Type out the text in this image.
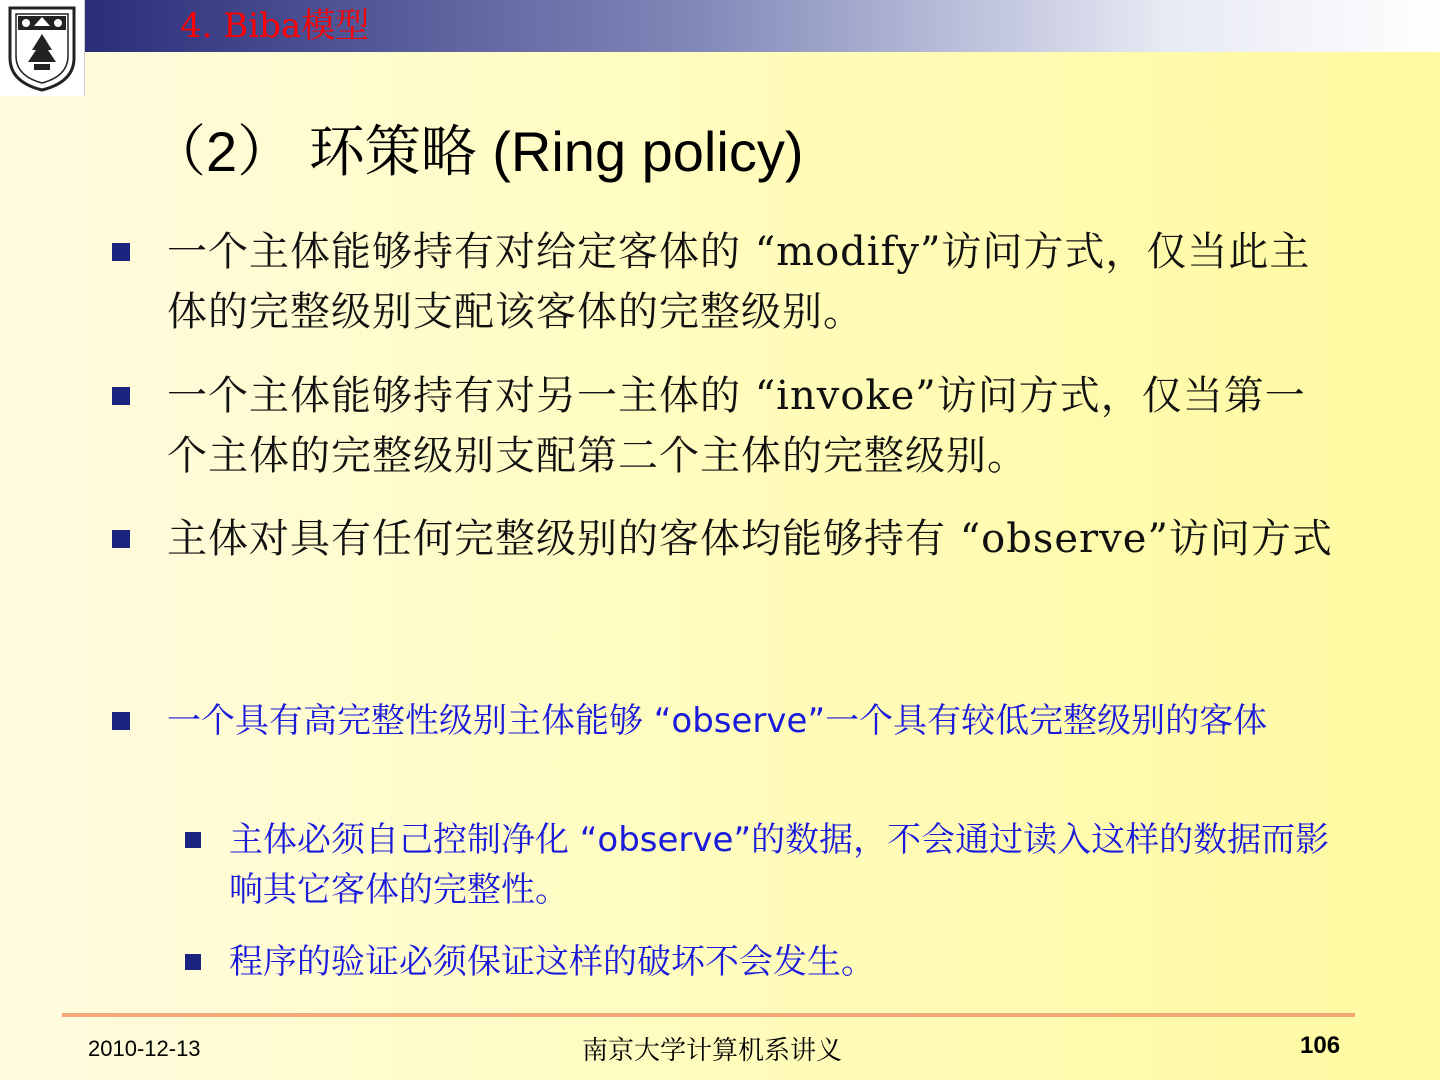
4. Biba模型
（2） 环策略 (Ring policy)
一个主体能够持有对给定客体的 “modify”访问方式，仅当此主体的完整级别支配该客体的完整级别。
一个主体能够持有对另一主体的 “invoke”访问方式，仅当第一个主体的完整级别支配第二个主体的完整级别。
主体对具有任何完整级别的客体均能够持有 “observe”访问方式
一个具有高完整性级别主体能够 “observe”一个具有较低完整级别的客体
主体必须自己控制净化 “observe”的数据，不会通过读入这样的数据而影响其它客体的完整性。
程序的验证必须保证这样的破坏不会发生。
2010-12-13	南京大学计算机系讲义	106
